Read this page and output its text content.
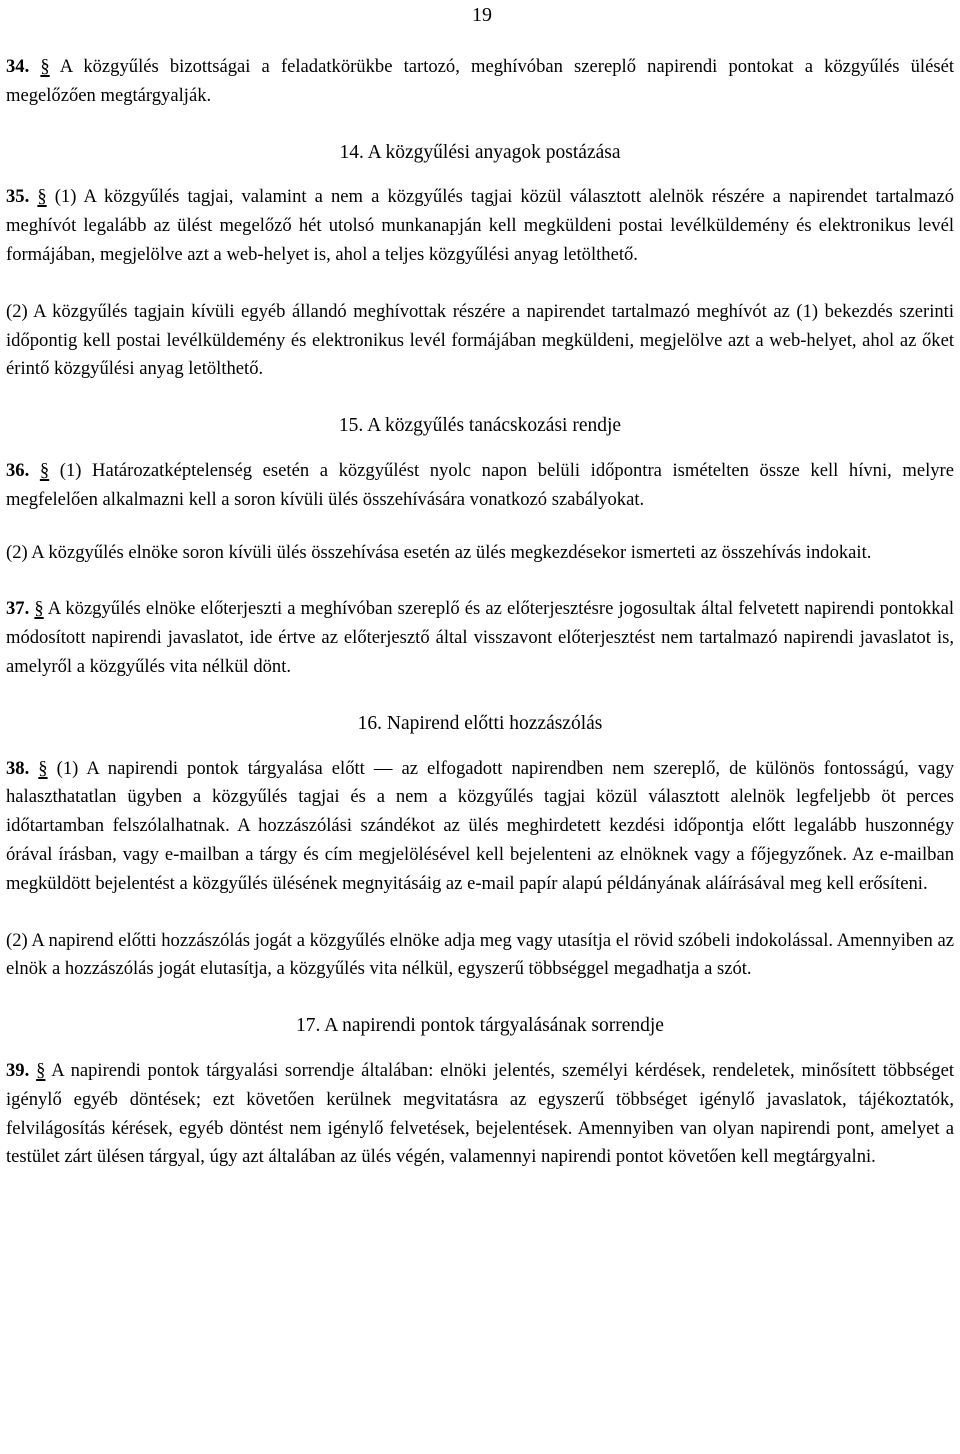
19

34. § A közgyűlés bizottságai a feladatkörükbe tartozó, meghívóban szereplő napirendi pontokat a közgyűlés ülését megelőzően megtárgyalják.

14. A közgyűlési anyagok postázása

35. § (1) A közgyűlés tagjai, valamint a nem a közgyűlés tagjai közül választott alelnök részére a napirendet tartalmazó meghívót legalább az ülést megelőző hét utolsó munkanapján kell megküldeni postai levélküldemény és elektronikus levél formájában, megjelölve azt a web-helyet is, ahol a teljes közgyűlési anyag letölthető.

(2) A közgyűlés tagjain kívüli egyéb állandó meghívottak részére a napirendet tartalmazó meghívót az (1) bekezdés szerinti időpontig kell postai levélküldemény és elektronikus levél formájában megküldeni, megjelölve azt a web-helyet, ahol az őket érintő közgyűlési anyag letölthető.

15. A közgyűlés tanácskozási rendje

36. § (1) Határozatképtelenség esetén a közgyűlést nyolc napon belüli időpontra ismételten össze kell hívni, melyre megfelelően alkalmazni kell a soron kívüli ülés összehívására vonatkozó szabályokat.

(2) A közgyűlés elnöke soron kívüli ülés összehívása esetén az ülés megkezdésekor ismerteti az összehívás indokait.

37. § A közgyűlés elnöke előterjeszti a meghívóban szereplő és az előterjesztésre jogosultak által felvetett napirendi pontokkal módosított napirendi javaslatot, ide értve az előterjesztő által visszavont előterjesztést nem tartalmazó napirendi javaslatot is, amelyről a közgyűlés vita nélkül dönt.

16. Napirend előtti hozzászólás

38. § (1) A napirendi pontok tárgyalása előtt — az elfogadott napirendben nem szereplő, de különös fontosságú, vagy halaszthatatlan ügyben a közgyűlés tagjai és a nem a közgyűlés tagjai közül választott alelnök legfeljebb öt perces időtartamban felszólalhatnak. A hozzászólási szándékot az ülés meghirdetett kezdési időpontja előtt legalább huszonnégy órával írásban, vagy e-mailban a tárgy és cím megjelölésével kell bejelenteni az elnöknek vagy a főjegyzőnek. Az e-mailban megküldött bejelentést a közgyűlés ülésének megnyitásáig az e-mail papír alapú példányának aláírásával meg kell erősíteni.

(2) A napirend előtti hozzászólás jogát a közgyűlés elnöke adja meg vagy utasítja el rövid szóbeli indokolással. Amennyiben az elnök a hozzászólás jogát elutasítja, a közgyűlés vita nélkül, egyszerű többséggel megadhatja a szót.

17. A napirendi pontok tárgyalásának sorrendje

39. § A napirendi pontok tárgyalási sorrendje általában: elnöki jelentés, személyi kérdések, rendeletek, minősített többséget igénylő egyéb döntések; ezt követően kerülnek megvitatásra az egyszerű többséget igénylő javaslatok, tájékoztatók, felvilágosítás kérések, egyéb döntést nem igénylő felvetések, bejelentések. Amennyiben van olyan napirendi pont, amelyet a testület zárt ülésen tárgyal, úgy azt általában az ülés végén, valamennyi napirendi pontot követően kell megtárgyalni.
